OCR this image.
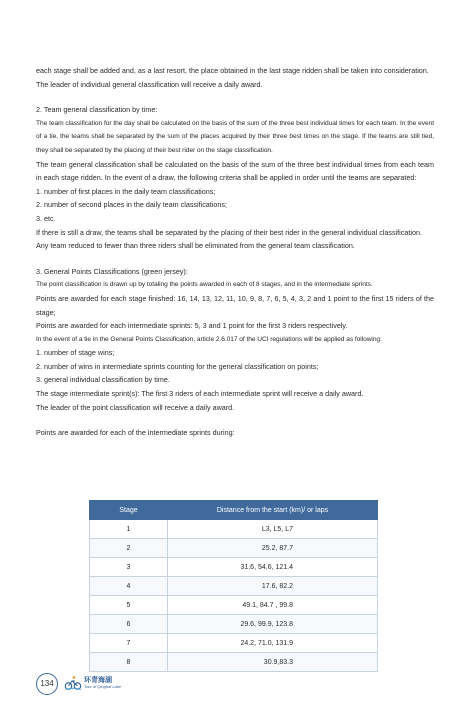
each stage shall be added and, as a last resort, the place obtained in the last stage ridden shall be taken into consideration.

The leader of individual general classification will receive a daily award.

2. Team general classification by time:

The team classification for the day shall be calculated on the basis of the sum of the three best individual times for each team. In the event of a tie, the teams shall be separated by the sum of the places acquired by their three best times on the stage. If the teams are still tied, they shall be separated by the placing of their best rider on the stage classification.

The team general classification shall be calculated on the basis of the sum of the three best individual times from each team in each stage ridden. In the event of a draw, the following criteria shall be applied in order until the teams are separated:

1. number of first places in the daily team classifications;

2. number of second places in the daily team classifications;

3. etc.

If there is still a draw, the teams shall be separated by the placing of their best rider in the general individual classification.

Any team reduced to fewer than three riders shall be eliminated from the general team classification.

3. General Points Classifications (green jersey):

The point classification is drawn up by totaling the points awarded in each of 8 stages, and in the intermediate sprints.

Points are awarded for each stage finished: 16, 14, 13, 12, 11, 10, 9, 8, 7, 6, 5, 4, 3, 2 and 1 point to the first 15 riders of the stage;

Points are awarded for each intermediate sprints: 5, 3 and 1 point for the first 3 riders respectively.

In the event of a tie in the General Points Classification, article 2.6.017 of the UCI regulations will be applied as following:

1. number of stage wins;

2. number of wins in intermediate sprints counting for the general classification on points;

3. general individual classification by time.

The stage intermediate sprint(s): The first 3 riders of each intermediate sprint will receive a daily award.

The leader of the point classification will receive a daily award.

Points are awarded for each of the intermediate sprints during:

Stage	Distance from the start (km)/ or laps
1	L3, L5, L7
2	25.2, 87.7
3	31.6, 54.6, 121.4
4	17.6, 82.2
5	49.1, 84.7 , 99.8
6	29.6, 99.9, 123.8
7	24.2, 71.0, 131.9
8	30.9,83.3
134	环青海湖
Tour of Qinghai Lake
